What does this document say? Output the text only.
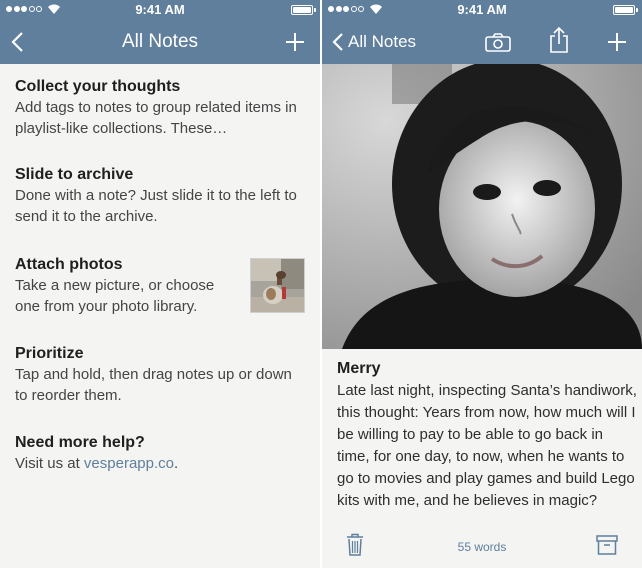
9:41 AM
All Notes
Collect your thoughts
Add tags to notes to group related items in playlist-like collections. These…
Slide to archive
Done with a note? Just slide it to the left to send it to the archive.
Attach photos
Take a new picture, or choose one from your photo library.
Prioritize
Tap and hold, then drag notes up or down to reorder them.
Need more help?
Visit us at vesperapp.co.
9:41 AM
All Notes
Merry
Late last night, inspecting Santa’s handiwork, this thought: Years from now, how much will I be willing to pay to be able to go back in time, for one day, to now, when he wants to go to movies and play games and build Lego kits with me, and he believes in magic?
55 words
